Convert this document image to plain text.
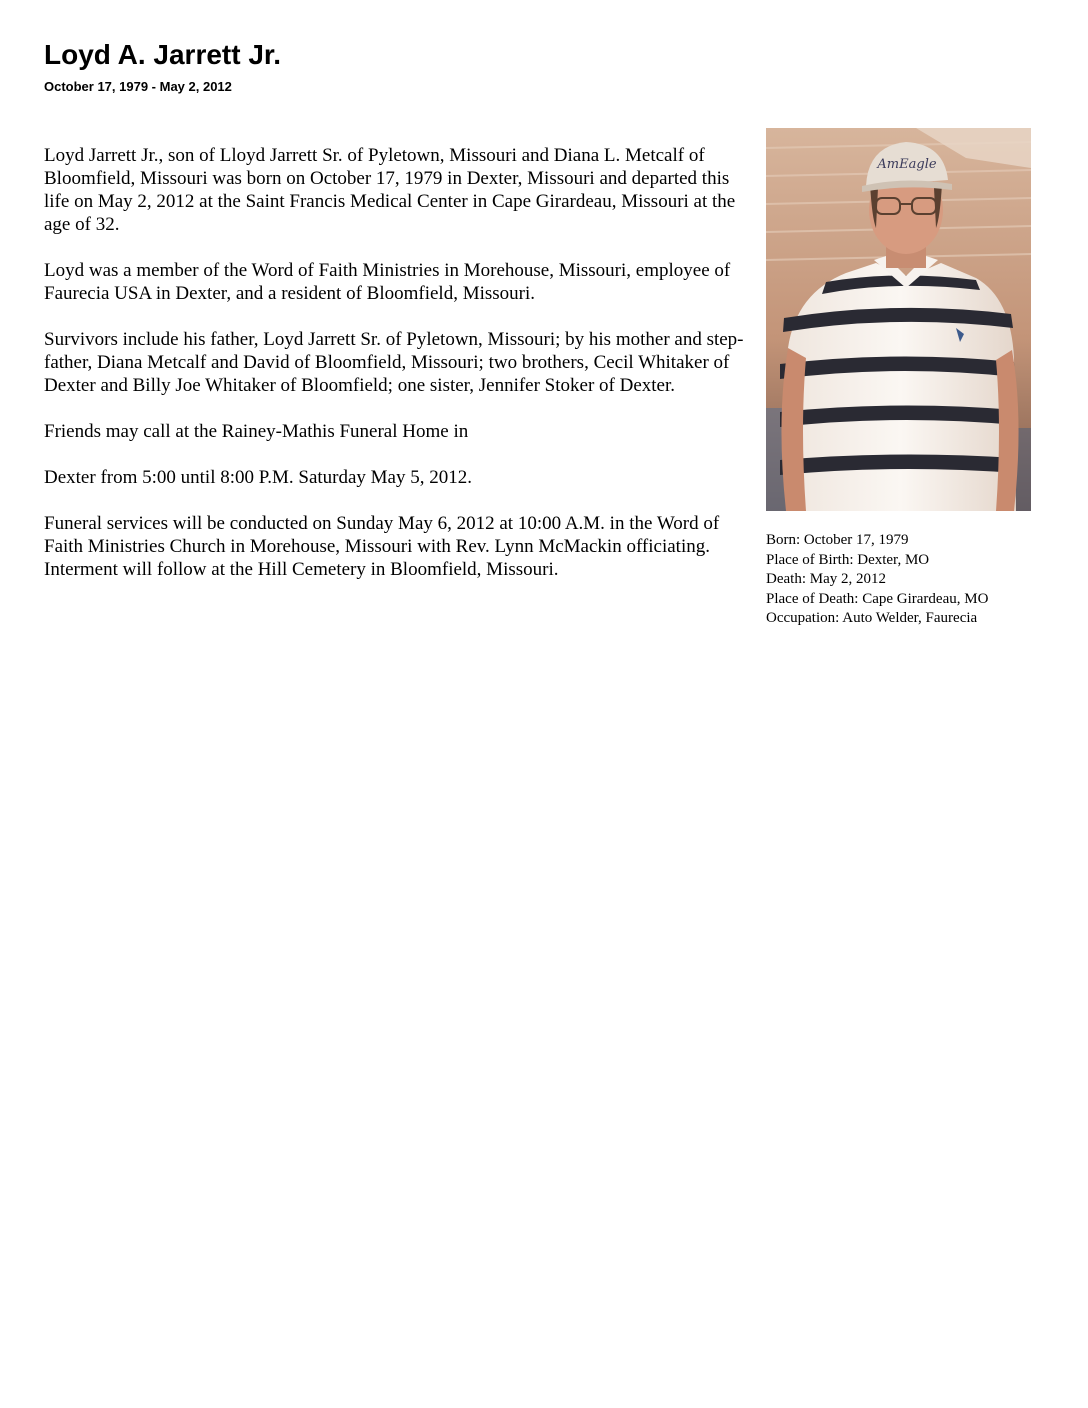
Loyd A. Jarrett Jr.
October 17, 1979 - May 2, 2012

Loyd Jarrett Jr., son of Lloyd Jarrett Sr. of Pyletown, Missouri and Diana L. Metcalf of Bloomfield, Missouri was born on October 17, 1979 in Dexter, Missouri and departed this life on May 2, 2012 at the Saint Francis Medical Center in Cape Girardeau, Missouri at the age of 32.

Loyd was a member of the Word of Faith Ministries in Morehouse, Missouri, employee of Faurecia USA in Dexter, and a resident of Bloomfield, Missouri.

Survivors include his father, Loyd Jarrett Sr. of Pyletown, Missouri; by his mother and step-father, Diana Metcalf and David of Bloomfield, Missouri; two brothers, Cecil Whitaker of Dexter and Billy Joe Whitaker of Bloomfield; one sister, Jennifer Stoker of Dexter.

Friends may call at the Rainey-Mathis Funeral Home in

Dexter from 5:00 until 8:00 P.M. Saturday May 5, 2012.

Funeral services will be conducted on Sunday May 6, 2012 at 10:00 A.M. in the Word of Faith Ministries Church in Morehouse, Missouri with Rev. Lynn McMackin officiating. Interment will follow at the Hill Cemetery in Bloomfield, Missouri.

AmEagle
Born: October 17, 1979
Place of Birth: Dexter, MO
Death: May 2, 2012
Place of Death: Cape Girardeau, MO
Occupation: Auto Welder, Faurecia
